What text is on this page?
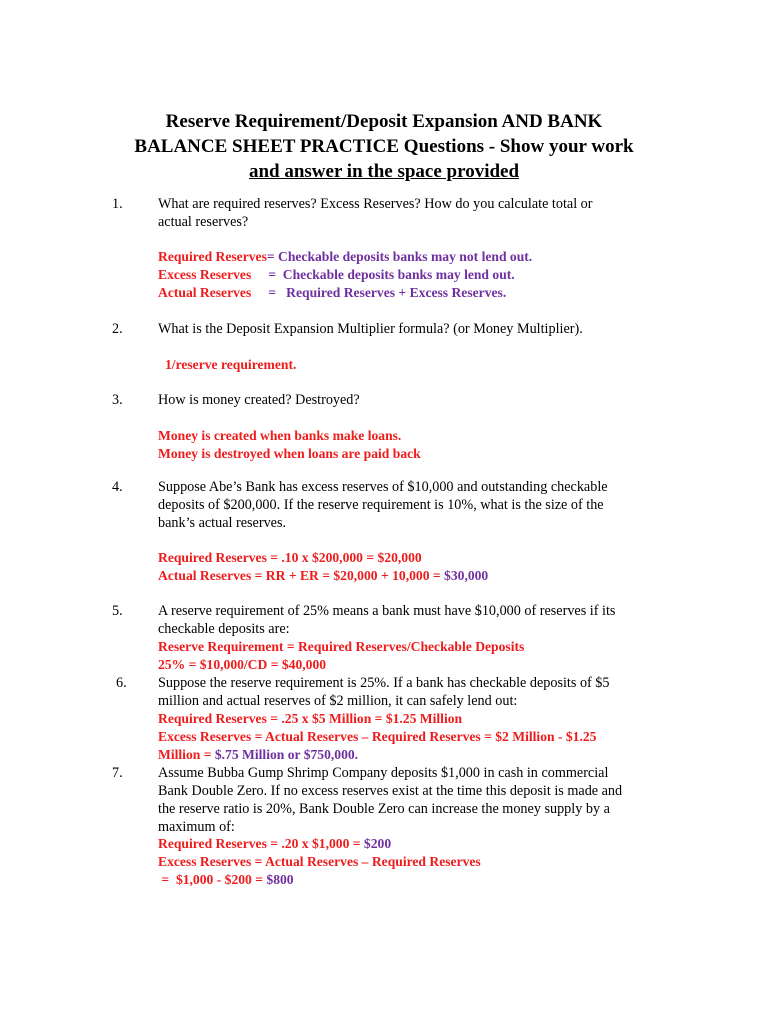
Reserve Requirement/Deposit Expansion AND BANK
BALANCE SHEET PRACTICE Questions - Show your work
and answer in the space provided
1. What are required reserves? Excess Reserves? How do you calculate total or
actual reserves?
Required Reserves= Checkable deposits banks may not lend out.
Excess Reserves     =  Checkable deposits banks may lend out.
Actual Reserves     =   Required Reserves + Excess Reserves.
2. What is the Deposit Expansion Multiplier formula? (or Money Multiplier).
1/reserve requirement.
3. How is money created? Destroyed?
Money is created when banks make loans.
Money is destroyed when loans are paid back
4. Suppose Abe’s Bank has excess reserves of $10,000 and outstanding checkable
deposits of $200,000. If the reserve requirement is 10%, what is the size of the
bank’s actual reserves.
Required Reserves = .10 x $200,000 = $20,000
Actual Reserves = RR + ER = $20,000 + 10,000 = $30,000
5. A reserve requirement of 25% means a bank must have $10,000 of reserves if its
checkable deposits are:
Reserve Requirement = Required Reserves/Checkable Deposits
25% = $10,000/CD = $40,000
6. Suppose the reserve requirement is 25%. If a bank has checkable deposits of $5
million and actual reserves of $2 million, it can safely lend out:
Required Reserves = .25 x $5 Million = $1.25 Million
Excess Reserves = Actual Reserves – Required Reserves = $2 Million - $1.25
Million = $.75 Million or $750,000.
7. Assume Bubba Gump Shrimp Company deposits $1,000 in cash in commercial
Bank Double Zero. If no excess reserves exist at the time this deposit is made and
the reserve ratio is 20%, Bank Double Zero can increase the money supply by a
maximum of:
Required Reserves = .20 x $1,000 = $200
Excess Reserves = Actual Reserves – Required Reserves
=  $1,000 - $200 = $800
